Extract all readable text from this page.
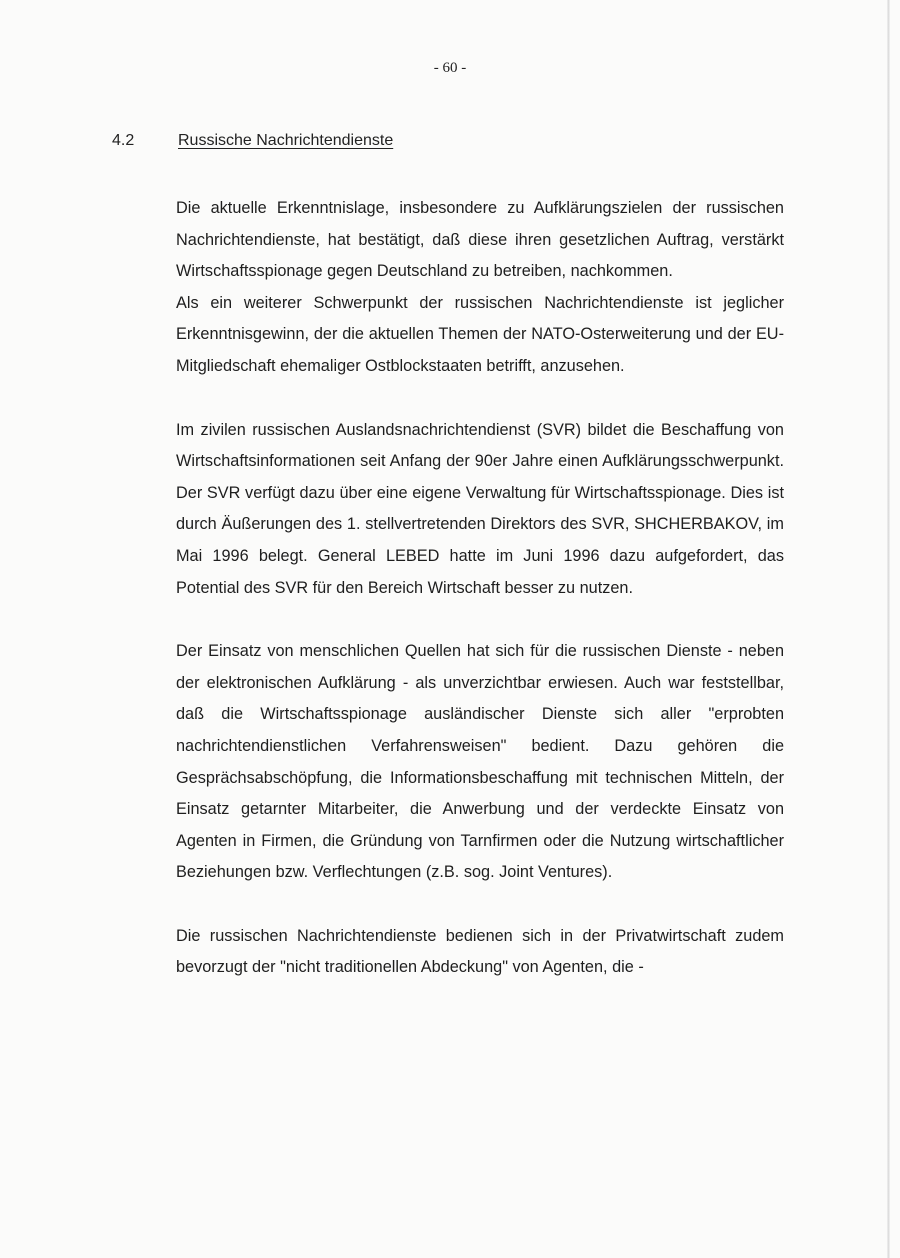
- 60 -
4.2	Russische Nachrichtendienste

Die aktuelle Erkenntnislage, insbesondere zu Aufklärungszielen der russischen Nachrichtendienste, hat bestätigt, daß diese ihren gesetzlichen Auftrag, verstärkt Wirtschaftsspionage gegen Deutschland zu betreiben, nachkommen.

Als ein weiterer Schwerpunkt der russischen Nachrichtendienste ist jeglicher Erkenntnisgewinn, der die aktuellen Themen der NATO-Osterweiterung und der EU-Mitgliedschaft ehemaliger Ostblockstaaten betrifft, anzusehen.

Im zivilen russischen Auslandsnachrichtendienst (SVR) bildet die Beschaffung von Wirtschaftsinformationen seit Anfang der 90er Jahre einen Aufklärungsschwerpunkt. Der SVR verfügt dazu über eine eigene Verwaltung für Wirtschaftsspionage. Dies ist durch Äußerungen des 1. stellvertretenden Direktors des SVR, SHCHERBAKOV, im Mai 1996 belegt. General LEBED hatte im Juni 1996 dazu aufgefordert, das Potential des SVR für den Bereich Wirtschaft besser zu nutzen.

Der Einsatz von menschlichen Quellen hat sich für die russischen Dienste - neben der elektronischen Aufklärung - als unverzichtbar erwiesen. Auch war feststellbar, daß die Wirtschaftsspionage ausländischer Dienste sich aller "erprobten nachrichtendienstlichen Verfahrensweisen" bedient. Dazu gehören die Gesprächsabschöpfung, die Informationsbeschaffung mit technischen Mitteln, der Einsatz getarnter Mitarbeiter, die Anwerbung und der verdeckte Einsatz von Agenten in Firmen, die Gründung von Tarnfirmen oder die Nutzung wirtschaftlicher Beziehungen bzw. Verflechtungen (z.B. sog. Joint Ventures).

Die russischen Nachrichtendienste bedienen sich in der Privatwirtschaft zudem bevorzugt der "nicht traditionellen Abdeckung" von Agenten, die -
